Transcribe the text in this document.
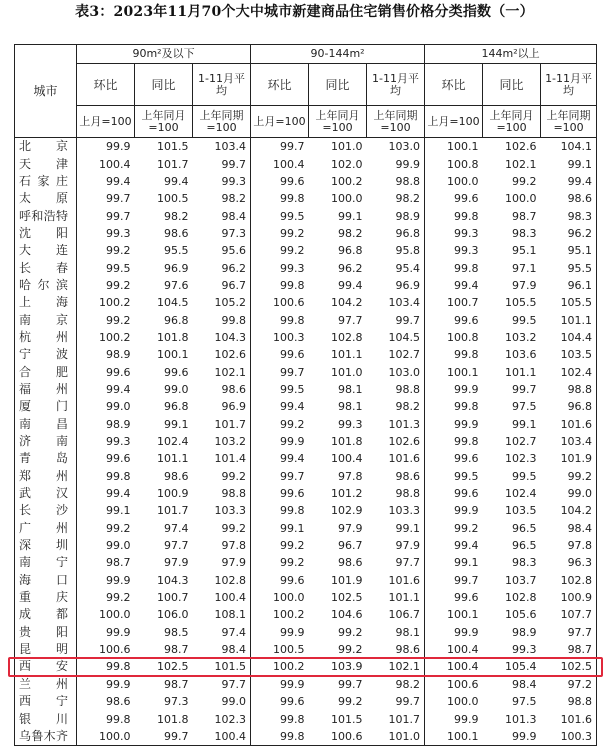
表3：2023年11月70个大中城市新建商品住宅销售价格分类指数（一）
城市	90m²及以下			90-144m²			144m²以上		
	环比	同比	1-11月平均	环比	同比	1-11月平均	环比	同比	1-11月平均
	上月=100	上年同月=100	上年同期=100	上月=100	上年同月=100	上年同期=100	上月=100	上年同月=100	上年同期=100
北京	99.9	101.5	103.4	99.7	101.0	103.0	100.1	102.6	104.1
天津	100.4	101.7	99.7	100.4	102.0	99.9	100.8	102.1	99.1
石家庄	99.4	99.4	99.3	99.6	100.2	98.8	100.0	99.2	99.4
太原	99.7	100.5	98.2	99.8	100.0	98.2	99.6	100.0	98.6
呼和浩特	99.7	98.2	98.4	99.5	99.1	98.9	99.8	98.7	98.3
沈阳	99.3	98.6	97.3	99.2	98.2	96.8	99.3	98.3	96.2
大连	99.2	95.5	95.6	99.2	96.8	95.8	99.3	95.1	95.1
长春	99.5	96.9	96.2	99.3	96.2	95.4	99.8	97.1	95.5
哈尔滨	99.2	97.6	96.7	99.8	99.4	96.9	99.4	97.9	96.1
上海	100.2	104.5	105.2	100.6	104.2	103.4	100.7	105.5	105.5
南京	99.2	96.8	99.8	99.8	97.7	99.7	99.6	99.5	101.1
杭州	100.2	101.8	104.3	100.3	102.8	104.5	100.8	103.2	104.4
宁波	98.9	100.1	102.6	99.6	101.1	102.7	99.8	103.6	103.5
合肥	99.6	99.6	102.1	99.7	101.0	103.0	100.1	101.1	102.4
福州	99.4	99.0	98.6	99.5	98.1	98.8	99.9	99.7	98.8
厦门	99.0	96.8	96.9	99.4	98.1	98.2	99.8	97.5	96.8
南昌	98.9	99.1	101.7	99.2	99.3	101.3	99.9	99.1	101.6
济南	99.3	102.4	103.2	99.9	101.8	102.6	99.8	102.7	103.4
青岛	99.6	101.1	101.4	99.4	100.4	101.6	99.6	102.3	101.9
郑州	99.8	98.6	99.2	99.7	97.8	98.6	99.5	99.5	99.2
武汉	99.4	100.9	98.8	99.6	101.2	98.8	99.6	102.4	99.0
长沙	99.1	101.7	103.3	99.8	102.9	103.3	99.9	103.5	104.2
广州	99.2	97.4	99.2	99.1	97.9	99.1	99.2	96.5	98.4
深圳	99.0	97.7	97.8	99.2	96.7	97.9	99.4	96.5	97.8
南宁	98.7	97.9	97.9	99.2	98.6	97.7	99.1	98.3	96.3
海口	99.9	104.3	102.8	99.6	101.9	101.6	99.7	103.7	102.8
重庆	99.2	100.7	100.4	100.0	102.5	101.1	99.6	102.8	100.9
成都	100.0	106.0	108.1	100.2	104.6	106.7	100.1	105.6	107.7
贵阳	99.9	98.5	97.4	99.9	99.2	98.1	99.9	98.9	97.7
昆明	100.6	98.7	98.4	100.5	99.2	98.6	100.4	99.3	98.7
西安	99.8	102.5	101.5	100.2	103.9	102.1	100.4	105.4	102.5
兰州	99.9	98.7	97.7	99.9	99.7	98.2	100.6	98.4	97.2
西宁	98.6	97.3	99.0	99.6	99.2	99.7	100.0	97.5	98.8
银川	99.8	101.8	102.3	99.8	101.5	101.7	99.9	101.3	101.6
乌鲁木齐	100.0	99.7	100.4	99.8	100.6	101.0	100.1	99.9	100.3
